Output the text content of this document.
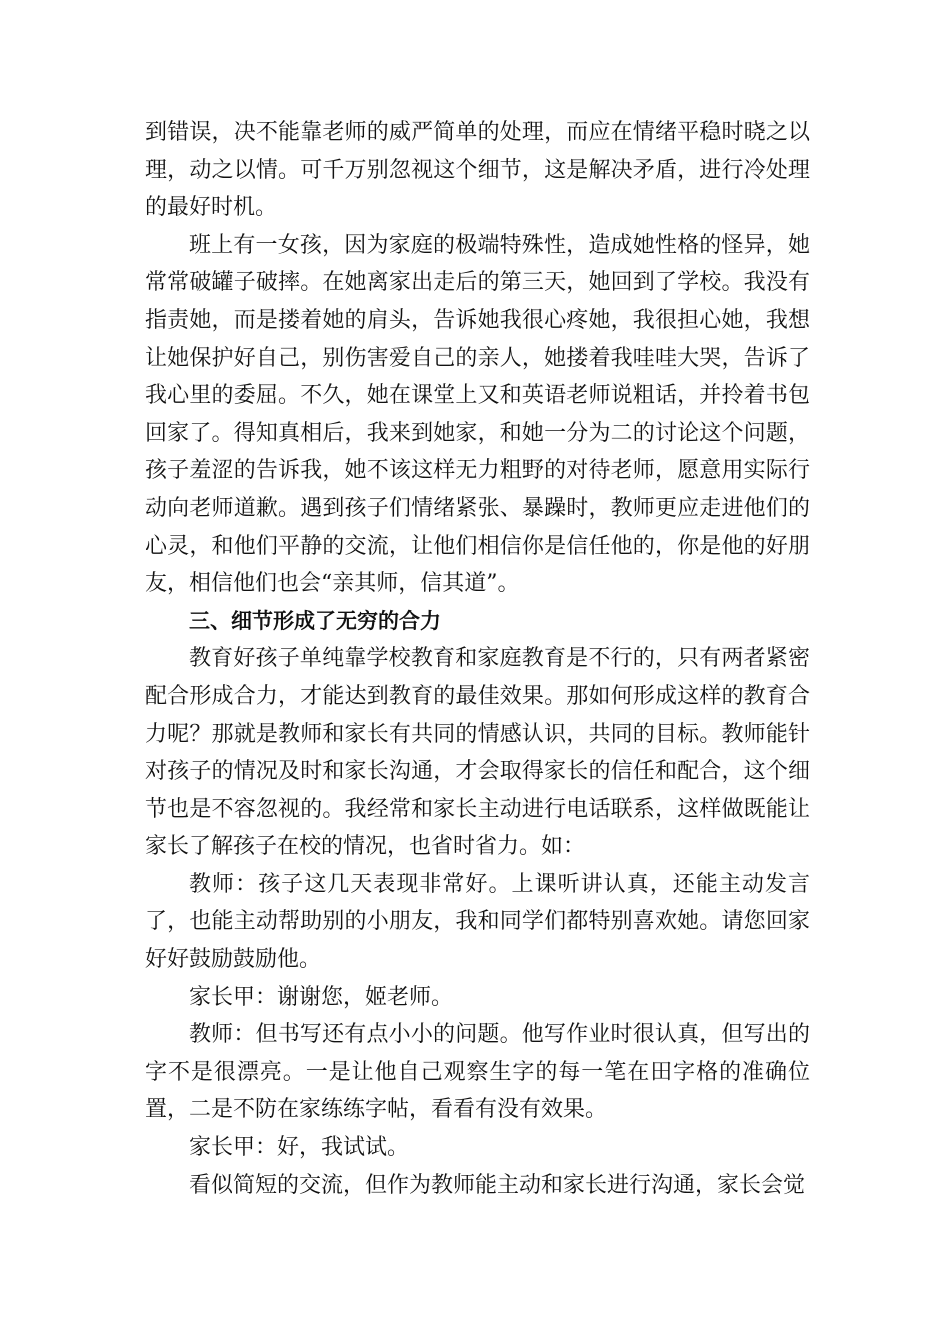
到错误，决不能靠老师的威严简单的处理，而应在情绪平稳时晓之以理，动之以情。可千万别忽视这个细节，这是解决矛盾，进行冷处理的最好时机。

班上有一女孩，因为家庭的极端特殊性，造成她性格的怪异，她常常破罐子破摔。在她离家出走后的第三天，她回到了学校。我没有指责她，而是搂着她的肩头，告诉她我很心疼她，我很担心她，我想让她保护好自己，别伤害爱自己的亲人，她搂着我哇哇大哭，告诉了我心里的委屈。不久，她在课堂上又和英语老师说粗话，并拎着书包回家了。得知真相后，我来到她家，和她一分为二的讨论这个问题，孩子羞涩的告诉我，她不该这样无力粗野的对待老师，愿意用实际行动向老师道歉。遇到孩子们情绪紧张、暴躁时，教师更应走进他们的心灵，和他们平静的交流，让他们相信你是信任他的，你是他的好朋友，相信他们也会“亲其师，信其道”。

三、细节形成了无穷的合力

教育好孩子单纯靠学校教育和家庭教育是不行的，只有两者紧密配合形成合力，才能达到教育的最佳效果。那如何形成这样的教育合力呢？那就是教师和家长有共同的情感认识，共同的目标。教师能针对孩子的情况及时和家长沟通，才会取得家长的信任和配合，这个细节也是不容忽视的。我经常和家长主动进行电话联系，这样做既能让家长了解孩子在校的情况，也省时省力。如：

教师：孩子这几天表现非常好。上课听讲认真，还能主动发言了，也能主动帮助别的小朋友，我和同学们都特别喜欢她。请您回家好好鼓励鼓励他。

家长甲：谢谢您，姬老师。

教师：但书写还有点小小的问题。他写作业时很认真，但写出的字不是很漂亮。一是让他自己观察生字的每一笔在田字格的准确位置，二是不防在家练练字帖，看看有没有效果。

家长甲：好，我试试。

看似简短的交流，但作为教师能主动和家长进行沟通，家长会觉
